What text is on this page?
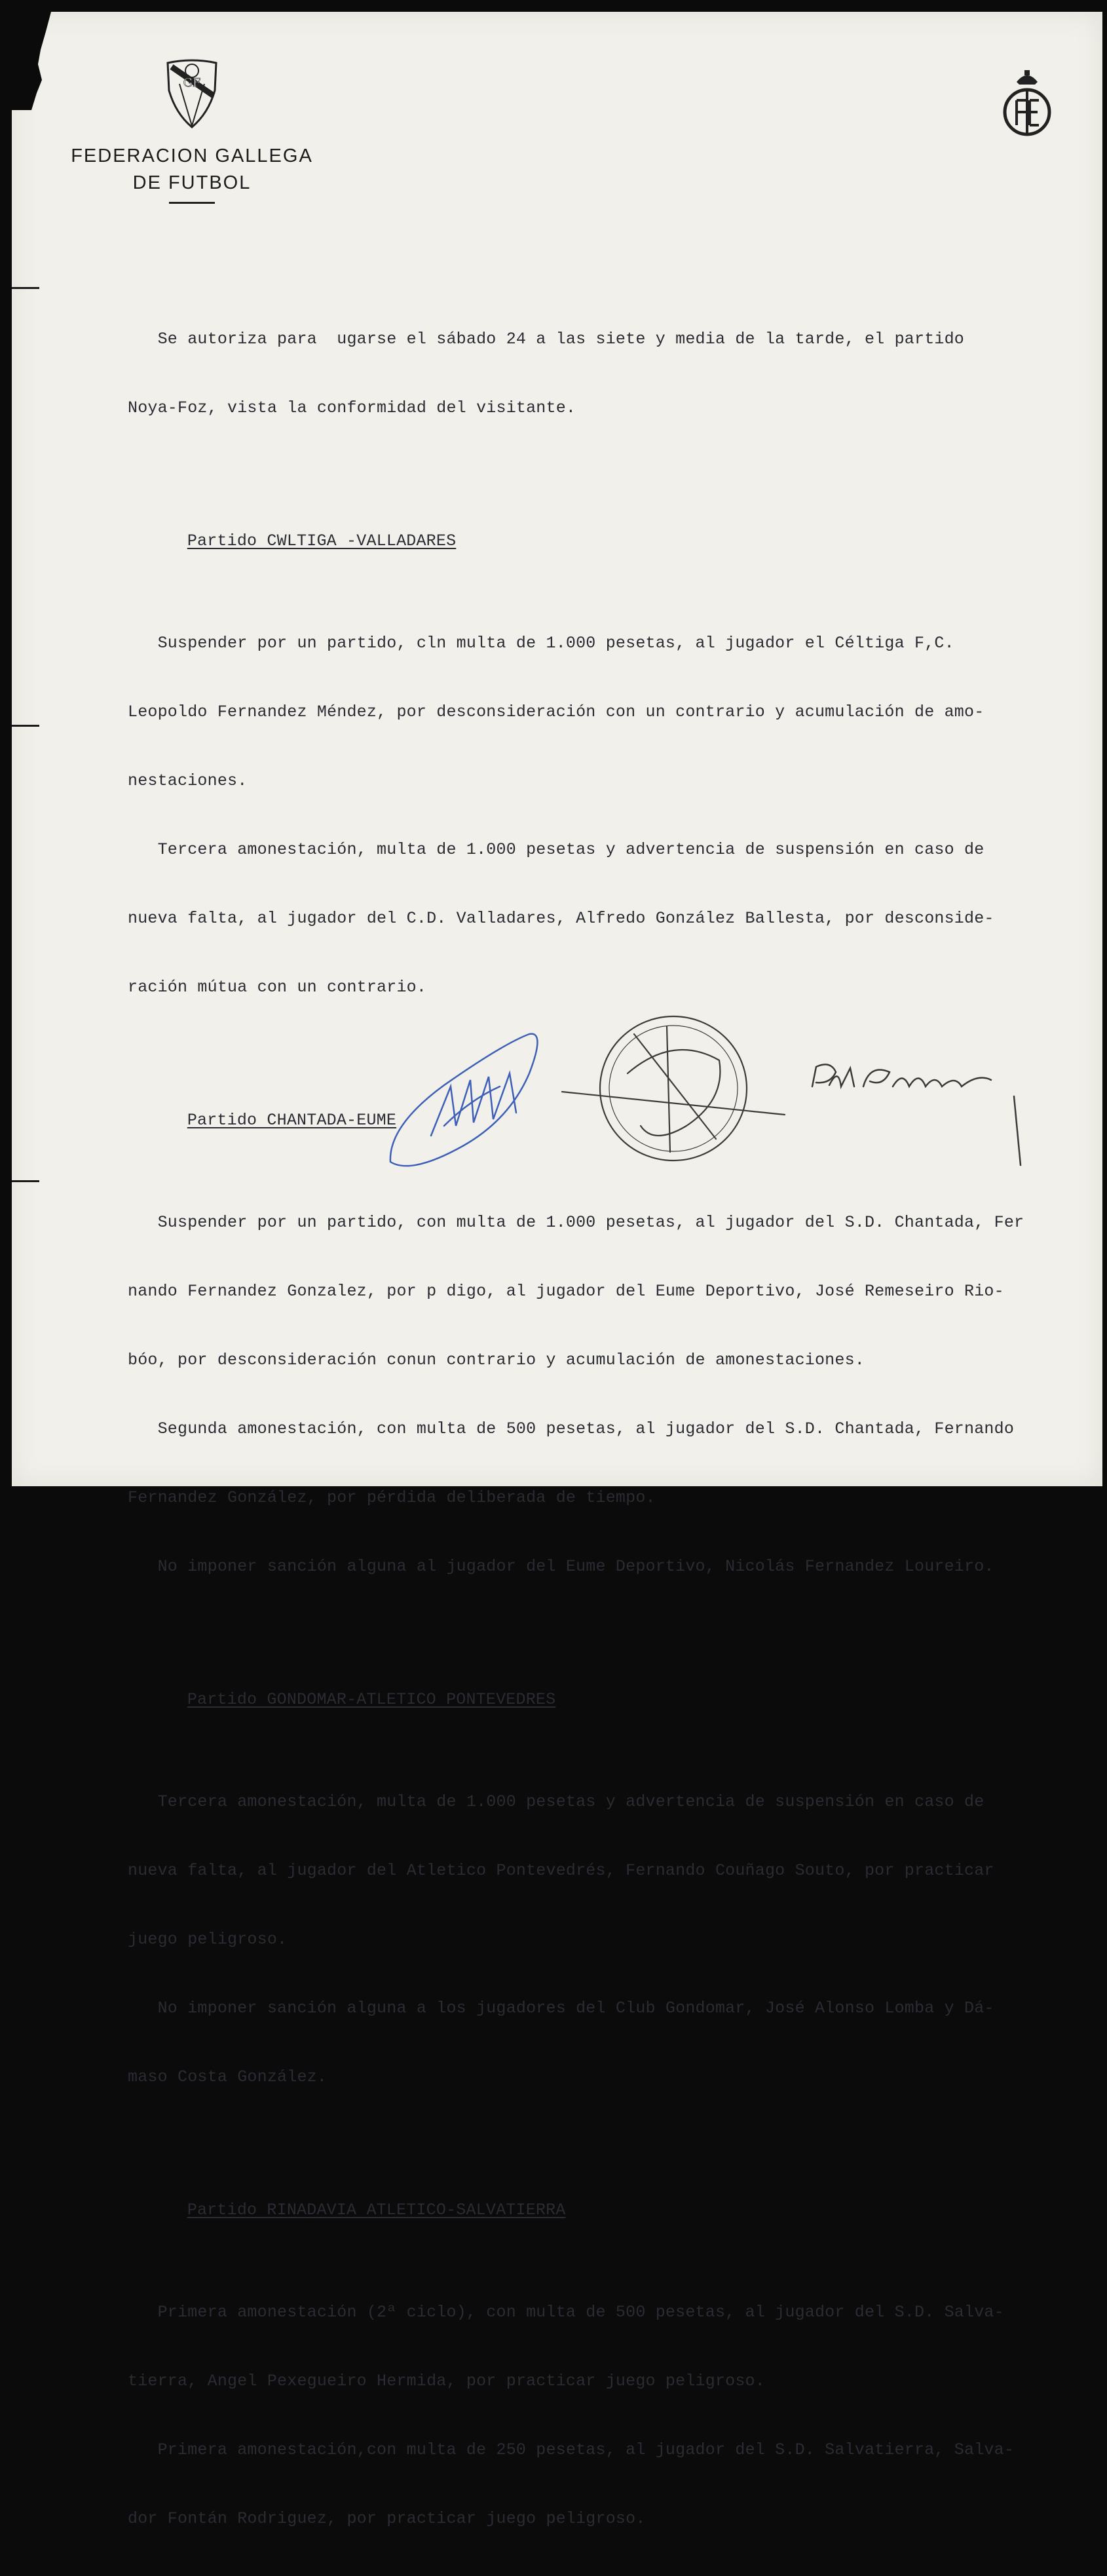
GF
FEDERACION GALLEGA
DE FUTBOL

Se autoriza para  ugarse el sábado 24 a las siete y media de la tarde, el partido

Noya-Foz, vista la conformidad del visitante.

Partido CWLTIGA -VALLADARES

Suspender por un partido, cln multa de 1.000 pesetas, al jugador el Céltiga F,C.

Leopoldo Fernandez Méndez, por desconsideración con un contrario y acumulación de amo-

nestaciones.

Tercera amonestación, multa de 1.000 pesetas y advertencia de suspensión en caso de

nueva falta, al jugador del C.D. Valladares, Alfredo González Ballesta, por desconside-

ración mútua con un contrario.

Partido CHANTADA-EUME

Suspender por un partido, con multa de 1.000 pesetas, al jugador del S.D. Chantada, Fer

nando Fernandez Gonzalez, por p digo, al jugador del Eume Deportivo, José Remeseiro Rio-

bóo, por desconsideración conun contrario y acumulación de amonestaciones.

Segunda amonestación, con multa de 500 pesetas, al jugador del S.D. Chantada, Fernando

Fernandez González, por pérdida deliberada de tiempo.

No imponer sanción alguna al jugador del Eume Deportivo, Nicolás Fernandez Loureiro.

Partido GONDOMAR-ATLETICO PONTEVEDRES

Tercera amonestación, multa de 1.000 pesetas y advertencia de suspensión en caso de

nueva falta, al jugador del Atletico Pontevedrés, Fernando Couñago Souto, por practicar

juego peligroso.

No imponer sanción alguna a los jugadores del Club Gondomar, José Alonso Lomba y Dá-

maso Costa González.

Partido RINADAVIA ATLETICO-SALVATIERRA

Primera amonestación (2ª ciclo), con multa de 500 pesetas, al jugador del S.D. Salva-

tierra, Angel Pexegueiro Hermida, por practicar juego peligroso.

Primera amonestación,con multa de 250 pesetas, al jugador del S.D. Salvatierra, Salva-

dor Fontán Rodriguez, por practicar juego peligroso.
